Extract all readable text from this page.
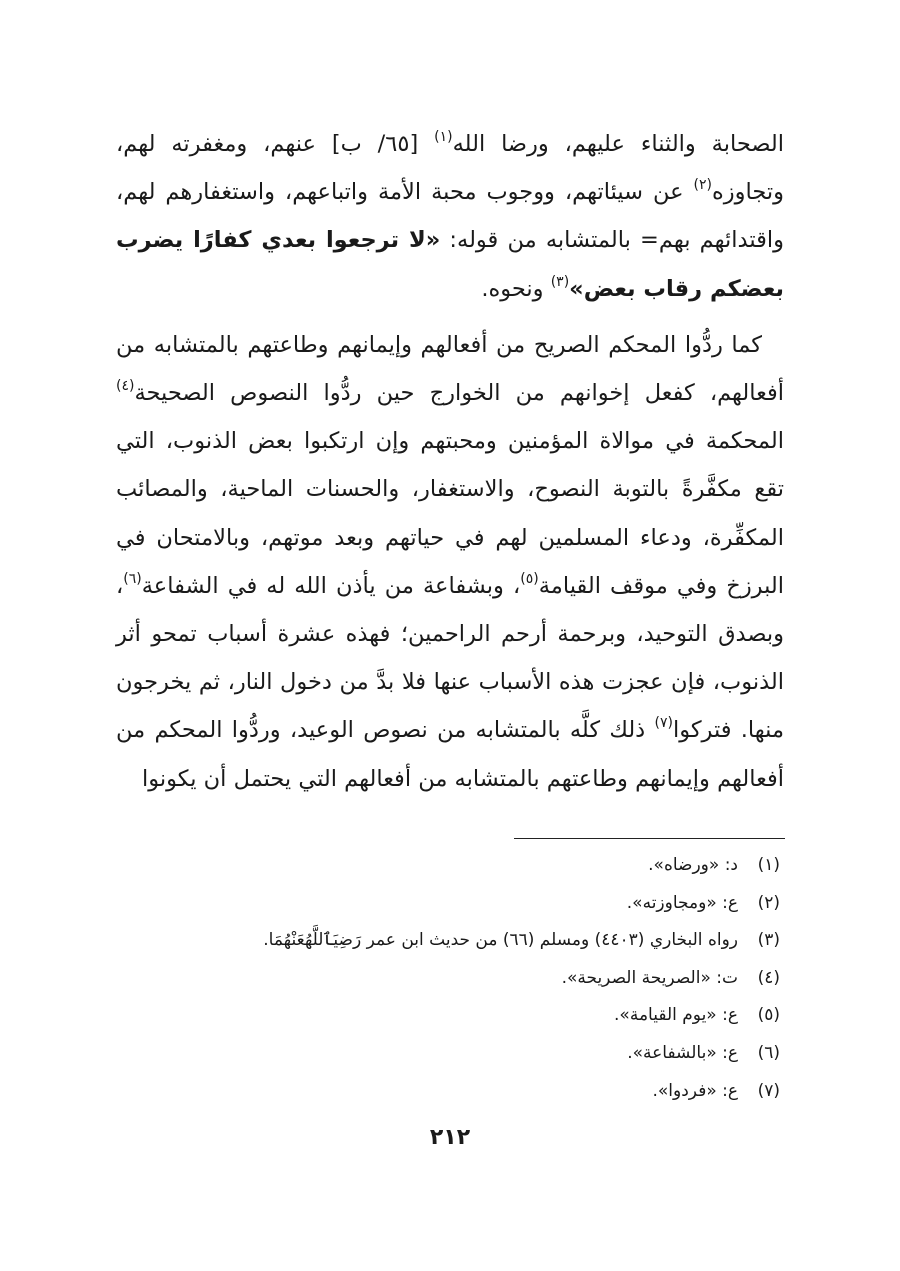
الصحابة والثناء عليهم، ورضا الله$^{(١)}$ [٦٥/ ب] عنهم، ومغفرته لهم، وتجاوزه$^{(٢)}$ عن سيئاتهم، ووجوب محبة الأمة واتباعهم، واستغفارهم لهم، واقتدائهم بهم= بالمتشابه من قوله: «لا ترجعوا بعدي كفارًا يضرب بعضكم رقاب بعض»$^{(٣)}$ ونحوه.

كما ردُّوا المحكم الصريح من أفعالهم وإيمانهم وطاعتهم بالمتشابه من أفعالهم، كفعل إخوانهم من الخوارج حين ردُّوا النصوص الصحيحة$^{(٤)}$ المحكمة في موالاة المؤمنين ومحبتهم وإن ارتكبوا بعض الذنوب، التي تقع مكفَّرةً بالتوبة النصوح، والاستغفار، والحسنات الماحية، والمصائب المكفِّرة، ودعاء المسلمين لهم في حياتهم وبعد موتهم، وبالامتحان في البرزخ وفي موقف القيامة$^{(٥)}$، وبشفاعة من يأذن الله له في الشفاعة$^{(٦)}$، وبصدق التوحيد، وبرحمة أرحم الراحمين؛ فهذه عشرة أسباب تمحو أثر الذنوب، فإن عجزت هذه الأسباب عنها فلا بدَّ من دخول النار، ثم يخرجون منها. فتركوا$^{(٧)}$ ذلك كلَّه بالمتشابه من نصوص الوعيد، وردُّوا المحكم من أفعالهم وإيمانهم وطاعتهم بالمتشابه من أفعالهم التي يحتمل أن يكونوا

(١)د: «ورضاه».
(٢)ع: «ومجاوزته».
(٣)رواه البخاري (٤٤٠٣) ومسلم (٦٦) من حديث ابن عمر رَضِيَٱللَّهُعَنْهُمَا.
(٤)ت: «الصريحة الصريحة».
(٥)ع: «يوم القيامة».
(٦)ع: «بالشفاعة».
(٧)ع: «فردوا».
٢١٢
